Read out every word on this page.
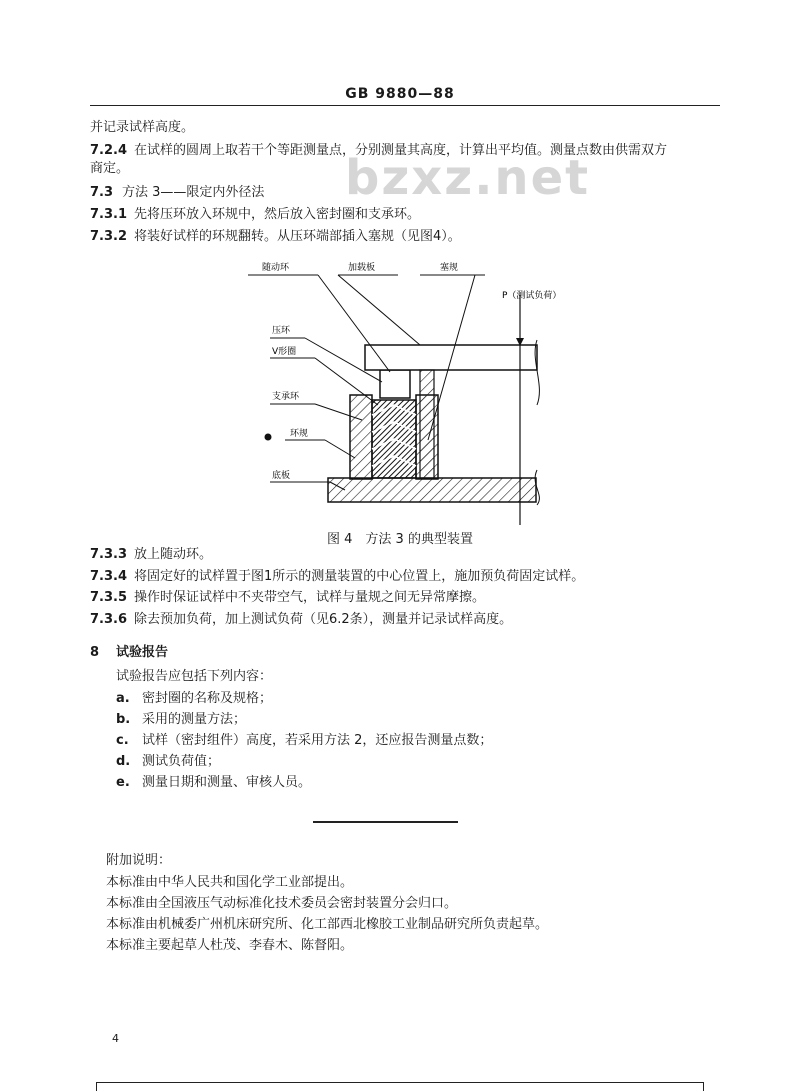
GB 9880—88
bzxz.net
并记录试样高度。
7.2.4 在试样的圆周上取若干个等距测量点，分别测量其高度，计算出平均值。测量点数由供需双方
商定。
7.3 方法 3——限定内外径法
7.3.1 先将压环放入环规中，然后放入密封圈和支承环。
7.3.2 将装好试样的环规翻转。从压环端部插入塞规（见图4）。
随动环	加载板	塞规
P（测试负荷）
压环
V形圈
支承环
环规
底板
图 4　方法 3 的典型装置
7.3.3 放上随动环。
7.3.4 将固定好的试样置于图1所示的测量装置的中心位置上，施加预负荷固定试样。
7.3.5 操作时保证试样中不夹带空气，试样与量规之间无异常摩擦。
7.3.6 除去预加负荷，加上测试负荷（见6.2条），测量并记录试样高度。
8 试验报告
试验报告应包括下列内容：
a. 密封圈的名称及规格；
b. 采用的测量方法；
c. 试样（密封组件）高度，若采用方法 2，还应报告测量点数；
d. 测试负荷值；
e. 测量日期和测量、审核人员。
附加说明：
本标准由中华人民共和国化学工业部提出。
本标准由全国液压气动标准化技术委员会密封装置分会归口。
本标准由机械委广州机床研究所、化工部西北橡胶工业制品研究所负责起草。
本标准主要起草人杜茂、李春木、陈督阳。
4
